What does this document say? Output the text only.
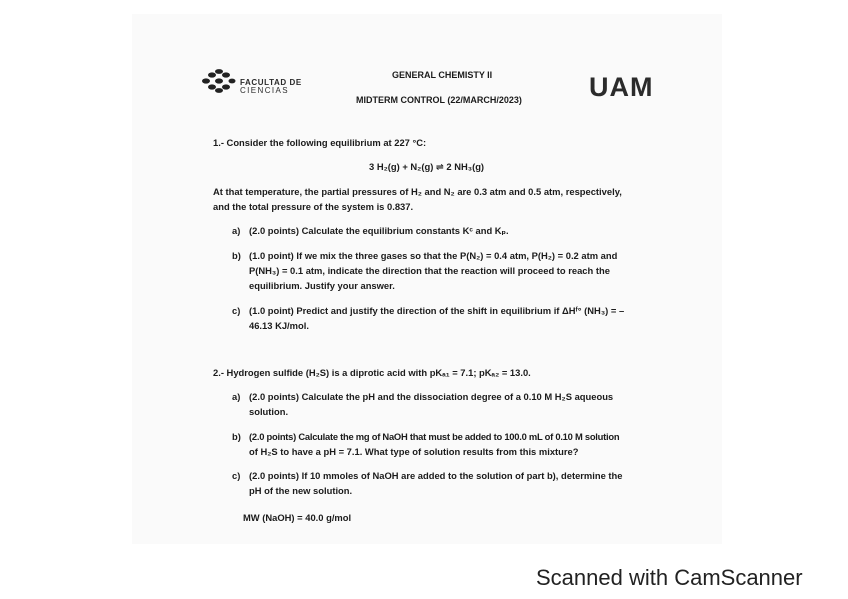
FACULTAD DE
CIENCIAS
GENERAL CHEMISTY II
MIDTERM CONTROL (22/MARCH/2023) UAM
1.- Consider the following equilibrium at 227 °C:
3 H₂(g) + N₂(g) ⇌ 2 NH₃(g)
At that temperature, the partial pressures of H₂ and N₂ are 0.3 atm and 0.5 atm, respectively,
and the total pressure of the system is 0.837.
a) (2.0 points) Calculate the equilibrium constants Kᶜ and Kₚ.
b) (1.0 point) If we mix the three gases so that the P(N₂) = 0.4 atm, P(H₂) = 0.2 atm and
P(NH₃) = 0.1 atm, indicate the direction that the reaction will proceed to reach the
equilibrium. Justify your answer.
c) (1.0 point) Predict and justify the direction of the shift in equilibrium if ΔHᶠ° (NH₃) = –
46.13 KJ/mol.
2.- Hydrogen sulfide (H₂S) is a diprotic acid with pKₐ₁ = 7.1; pKₐ₂ = 13.0.
a) (2.0 points) Calculate the pH and the dissociation degree of a 0.10 M H₂S aqueous
solution.
b) (2.0 points) Calculate the mg of NaOH that must be added to 100.0 mL of 0.10 M solution
of H₂S to have a pH = 7.1. What type of solution results from this mixture?
c) (2.0 points) If 10 mmoles of NaOH are added to the solution of part b), determine the
pH of the new solution.
MW (NaOH) = 40.0 g/mol
Scanned with CamScanner
